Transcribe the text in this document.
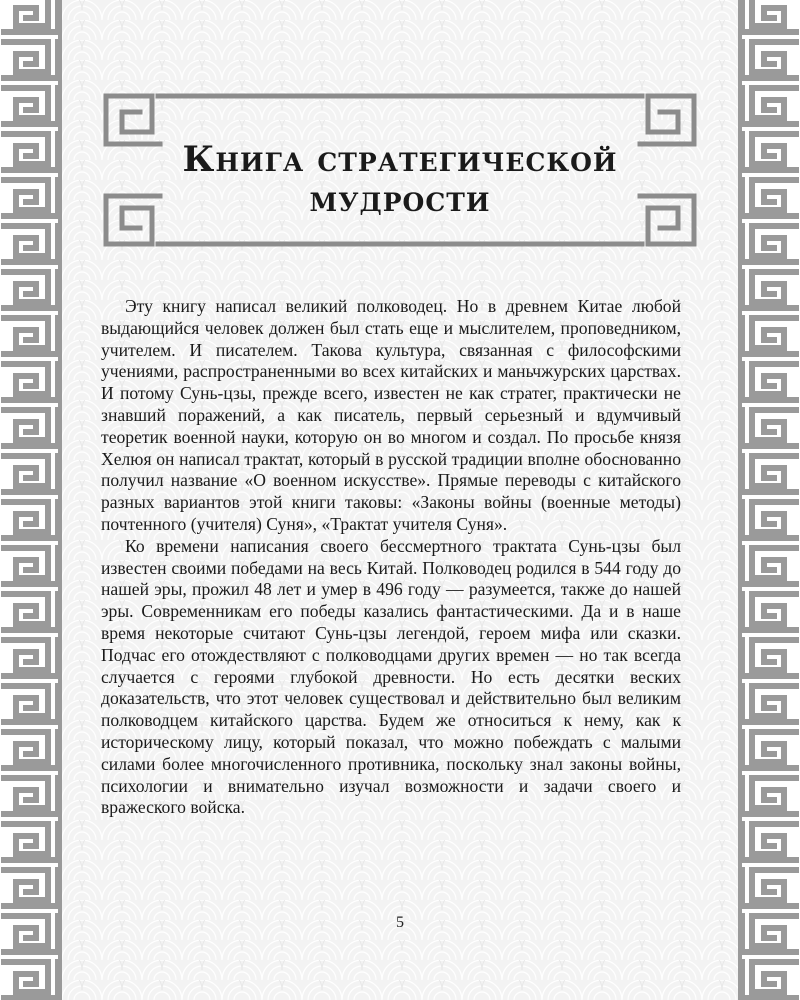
Книга стратегической
мудрости

Эту книгу написал великий полководец. Но в древнем Китае любой выдающийся человек должен был стать еще и мыслителем, проповедником, учителем. И писателем. Такова культура, связанная с философскими учениями, распространенными во всех китайских и маньчжурских царствах. И потому Сунь-цзы, прежде всего, известен не как стратег, практически не знавший поражений, а как писатель, первый серьезный и вдумчивый теоретик военной науки, которую он во многом и создал. По просьбе князя Хелюя он написал трактат, который в русской традиции вполне обоснованно получил название «О военном искусстве». Прямые переводы с китайского разных вариантов этой книги таковы: «Законы войны (военные методы) почтенного (учителя) Суня», «Трактат учителя Суня».

Ко времени написания своего бессмертного трактата Сунь-цзы был известен своими победами на весь Китай. Полководец родился в 544 году до нашей эры, прожил 48 лет и умер в 496 году — разумеется, также до нашей эры. Современникам его победы казались фантастическими. Да и в наше время некоторые считают Сунь-цзы легендой, героем мифа или сказки. Подчас его отождествляют с полководцами других времен — но так всегда случается с героями глубокой древности. Но есть десятки веских доказательств, что этот человек существовал и действительно был великим полководцем китайского царства. Будем же относиться к нему, как к историческому лицу, который показал, что можно побеждать с малыми силами более многочисленного противника, поскольку знал законы войны, психологии и внимательно изучал возможности и задачи своего и вражеского войска.

5
